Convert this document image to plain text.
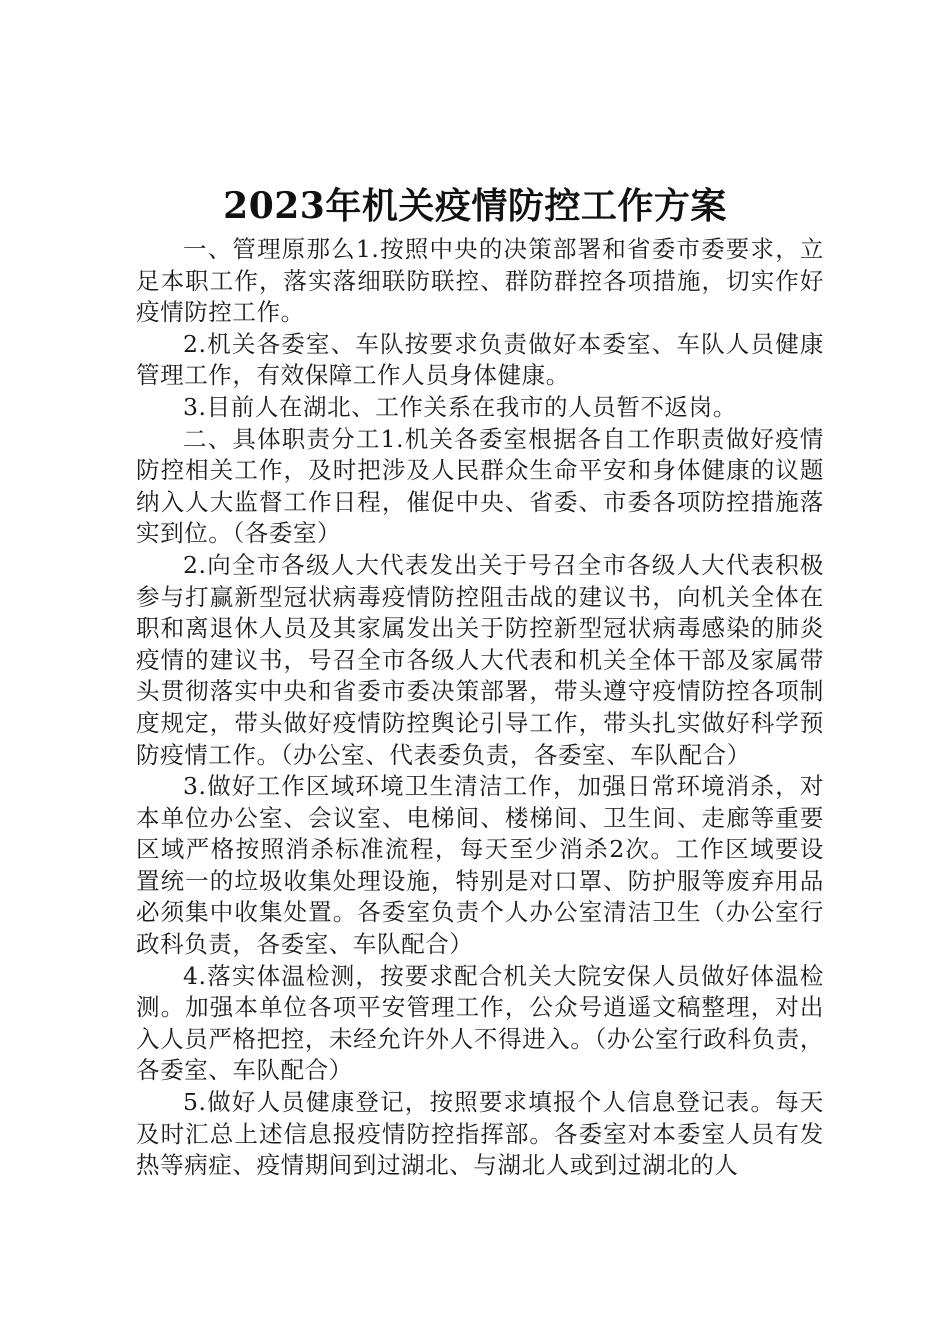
2023年机关疫情防控工作方案

一、管理原那么1.按照中央的决策部署和省委市委要求，立足本职工作，落实落细联防联控、群防群控各项措施，切实作好疫情防控工作。

2.机关各委室、车队按要求负责做好本委室、车队人员健康管理工作，有效保障工作人员身体健康。

3.目前人在湖北、工作关系在我市的人员暂不返岗。

二、具体职责分工1.机关各委室根据各自工作职责做好疫情防控相关工作，及时把涉及人民群众生命平安和身体健康的议题纳入人大监督工作日程，催促中央、省委、市委各项防控措施落实到位。（各委室）

2.向全市各级人大代表发出关于号召全市各级人大代表积极参与打赢新型冠状病毒疫情防控阻击战的建议书，向机关全体在职和离退休人员及其家属发出关于防控新型冠状病毒感染的肺炎疫情的建议书，号召全市各级人大代表和机关全体干部及家属带头贯彻落实中央和省委市委决策部署，带头遵守疫情防控各项制度规定，带头做好疫情防控舆论引导工作，带头扎实做好科学预防疫情工作。（办公室、代表委负责，各委室、车队配合）

3.做好工作区域环境卫生清洁工作，加强日常环境消杀，对本单位办公室、会议室、电梯间、楼梯间、卫生间、走廊等重要区域严格按照消杀标准流程，每天至少消杀2次。工作区域要设置统一的垃圾收集处理设施，特别是对口罩、防护服等废弃用品必须集中收集处置。各委室负责个人办公室清洁卫生（办公室行政科负责，各委室、车队配合）

4.落实体温检测，按要求配合机关大院安保人员做好体温检测。加强本单位各项平安管理工作，公众号逍遥文稿整理，对出入人员严格把控，未经允许外人不得进入。（办公室行政科负责，各委室、车队配合）

5.做好人员健康登记，按照要求填报个人信息登记表。每天及时汇总上述信息报疫情防控指挥部。各委室对本委室人员有发热等病症、疫情期间到过湖北、与湖北人或到过湖北的人
